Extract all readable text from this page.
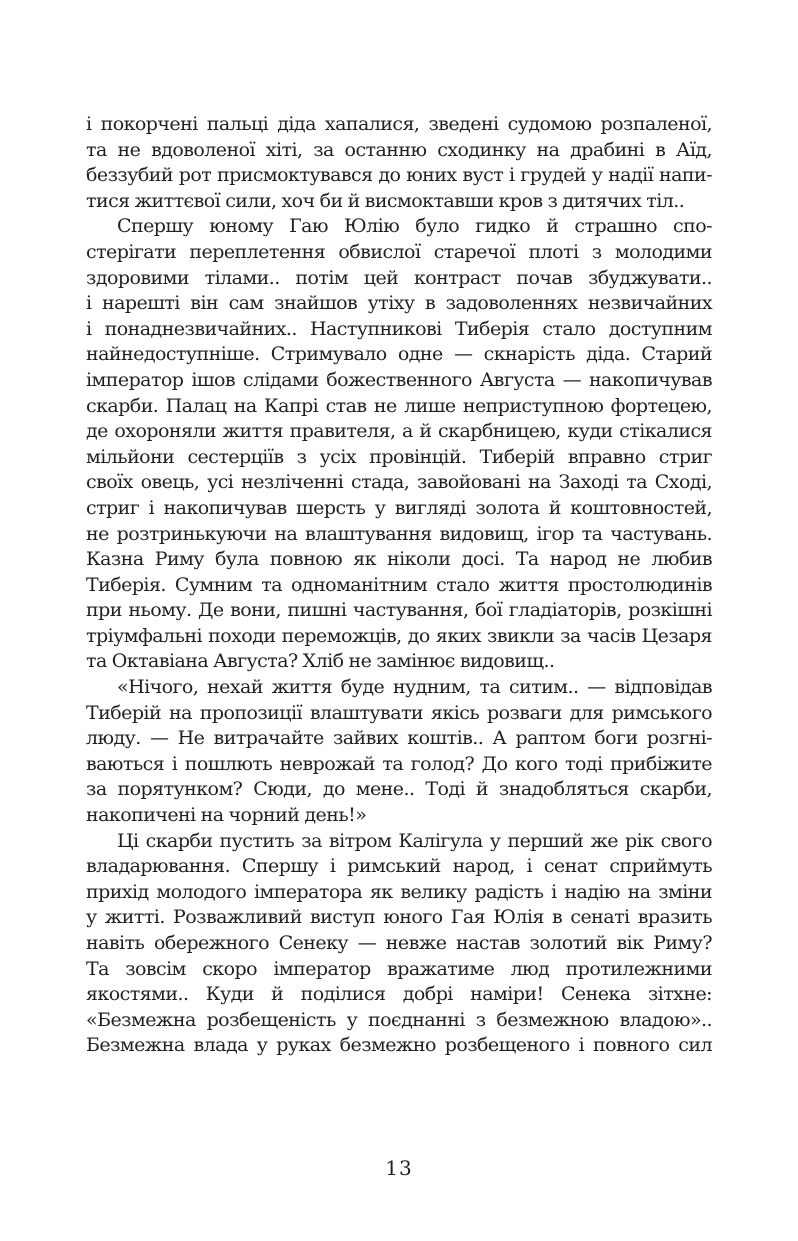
і покорчені пальці діда хапалися, зведені судомою розпаленої,
та не вдоволеної хіті, за останню сходинку на драбині в Аїд,
беззубий рот присмоктувався до юних вуст і грудей у надії напи-
тися життєвої сили, хоч би й висмоктавши кров з дитячих тіл..
Спершу юному Гаю Юлію було гидко й страшно спо-
стерігати переплетення обвислої старечої плоті з молодими
здоровими тілами.. потім цей контраст почав збуджувати..
і нарешті він сам знайшов утіху в задоволеннях незвичайних
і понаднезвичайних.. Наступникові Тиберія стало доступним
найнедоступніше. Стримувало одне — скнарість діда. Старий
імператор ішов слідами божественного Августа — накопичував
скарби. Палац на Капрі став не лише неприступною фортецею,
де охороняли життя правителя, а й скарбницею, куди стікалися
мільйони сестерціїв з усіх провінцій. Тиберій вправно стриг
своїх овець, усі незліченні стада, завойовані на Заході та Сході,
стриг і накопичував шерсть у вигляді золота й коштовностей,
не розтринькуючи на влаштування видовищ, ігор та частувань.
Казна Риму була повною як ніколи досі. Та народ не любив
Тиберія. Сумним та одноманітним стало життя простолюдинів
при ньому. Де вони, пишні частування, бої гладіаторів, розкішні
тріумфальні походи переможців, до яких звикли за часів Цезаря
та Октавіана Августа? Хліб не замінює видовищ..
«Нічого, нехай життя буде нудним, та ситим.. — відповідав
Тиберій на пропозиції влаштувати якісь розваги для римського
люду. — Не витрачайте зайвих коштів.. А раптом боги розгні-
ваються і пошлють неврожай та голод? До кого тоді прибіжите
за порятунком? Сюди, до мене.. Тоді й знадобляться скарби,
накопичені на чорний день!»
Ці скарби пустить за вітром Калігула у перший же рік свого
владарювання. Спершу і римський народ, і сенат сприймуть
прихід молодого імператора як велику радість і надію на зміни
у житті. Розважливий виступ юного Гая Юлія в сенаті вразить
навіть обережного Сенеку — невже настав золотий вік Риму?
Та зовсім скоро імператор вражатиме люд протилежними
якостями.. Куди й поділися добрі наміри! Сенека зітхне:
«Безмежна розбещеність у поєднанні з безмежною владою»..
Безмежна влада у руках безмежно розбещеного і повного сил
13
